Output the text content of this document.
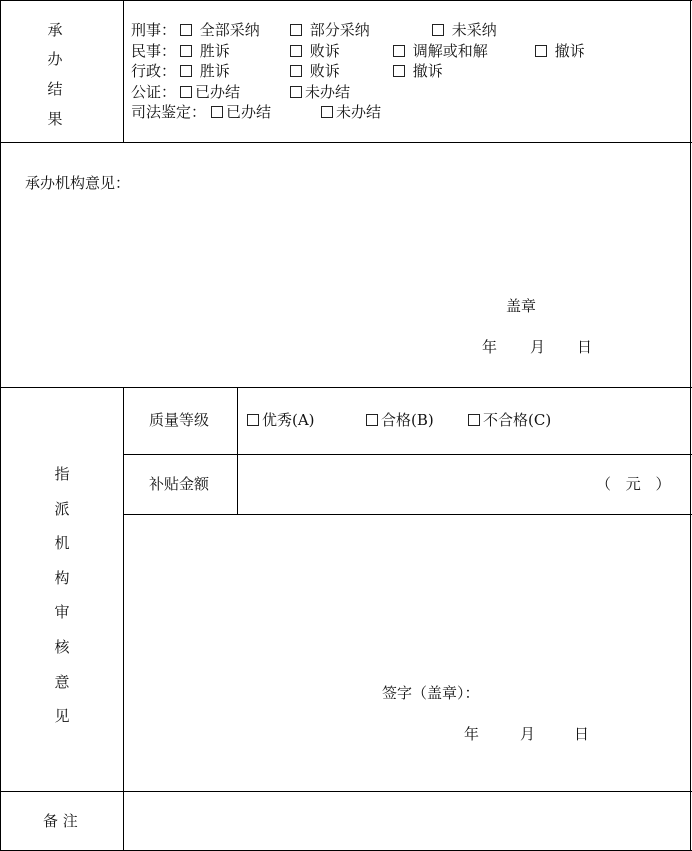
承
办
结
果
刑事：	全部采纳	部分采纳	未采纳
民事：	胜诉	败诉	调解或和解	撤诉
行政：	胜诉	败诉	撤诉
公证：	已办结	未办结
司法鉴定：	已办结	未办结
承办机构意见：
盖章
年 月 日
指
派
机
构
审
核
意
见
质量等级	优秀(A)	合格(B)	不合格(C)
补贴金额	（ 元 ）
签字（盖章）：
年	月	日
备 注
